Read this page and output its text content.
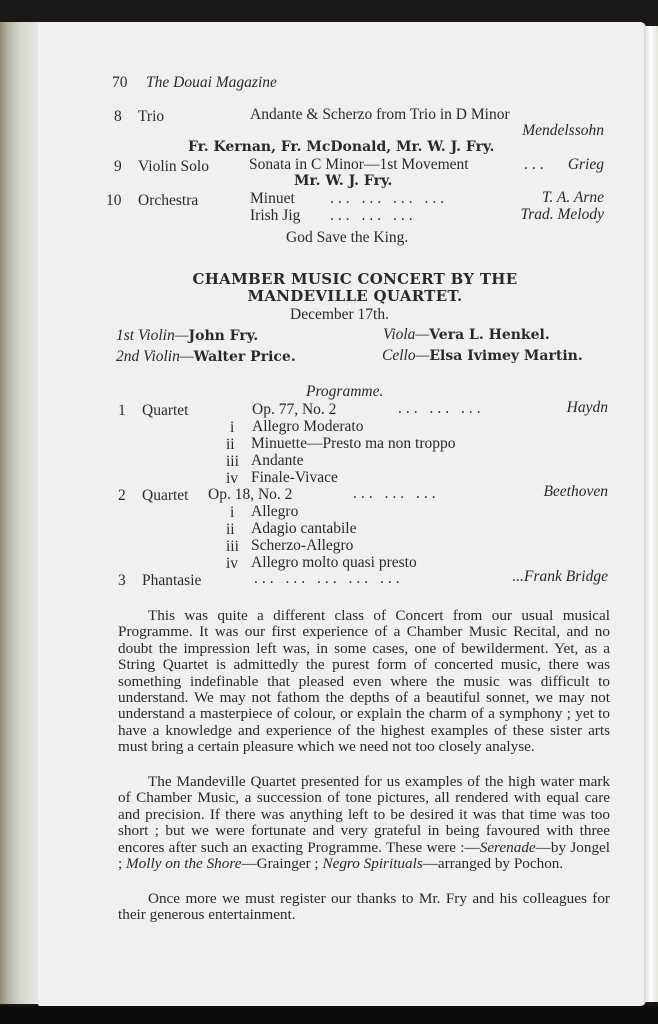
70 The Douai Magazine
8 Trio	Andante & Scherzo from Trio in D Minor
Mendelssohn
Fr. Kernan, Fr. McDonald, Mr. W. J. Fry.
9 Violin Solo	Sonata in C Minor—1st Movement	... Grieg
Mr. W. J. Fry.
10 Orchestra	Minuet ... ... ... ...	T. A. Arne
Irish Jig ... ... ...	Trad. Melody
God Save the King.
CHAMBER MUSIC CONCERT BY THE
MANDEVILLE QUARTET.
December 17th.
1st Violin—John Fry.	Viola—Vera L. Henkel.
2nd Violin—Walter Price.	Cello—Elsa Ivimey Martin.
Programme.
1 Quartet	Op. 77, No. 2	... ... ...	Haydn
i Allegro Moderato
ii Minuette—Presto ma non troppo
iii Andante
iv Finale-Vivace
2 Quartet Op. 18, No. 2	... ... ...	Beethoven
i Allegro
ii Adagio cantabile
iii Scherzo-Allegro
iv Allegro molto quasi presto
3 Phantasie	... ... ... ... ...	...Frank Bridge
This was quite a different class of Concert from our usual musical Programme. It was our first experience of a Chamber Music Recital, and no doubt the impression left was, in some cases, one of bewilderment. Yet, as a String Quartet is admittedly the purest form of concerted music, there was something indefinable that pleased even where the music was difficult to understand. We may not fathom the depths of a beautiful sonnet, we may not understand a masterpiece of colour, or explain the charm of a symphony ; yet to have a knowledge and experience of the highest examples of these sister arts must bring a certain pleasure which we need not too closely analyse.
The Mandeville Quartet presented for us examples of the high water mark of Chamber Music, a succession of tone pictures, all rendered with equal care and precision. If there was anything left to be desired it was that time was too short ; but we were fortunate and very grateful in being favoured with three encores after such an exacting Programme. These were :—Serenade—by Jongel ; Molly on the Shore—Grainger ; Negro Spirituals—arranged by Pochon.
Once more we must register our thanks to Mr. Fry and his colleagues for their generous entertainment.
